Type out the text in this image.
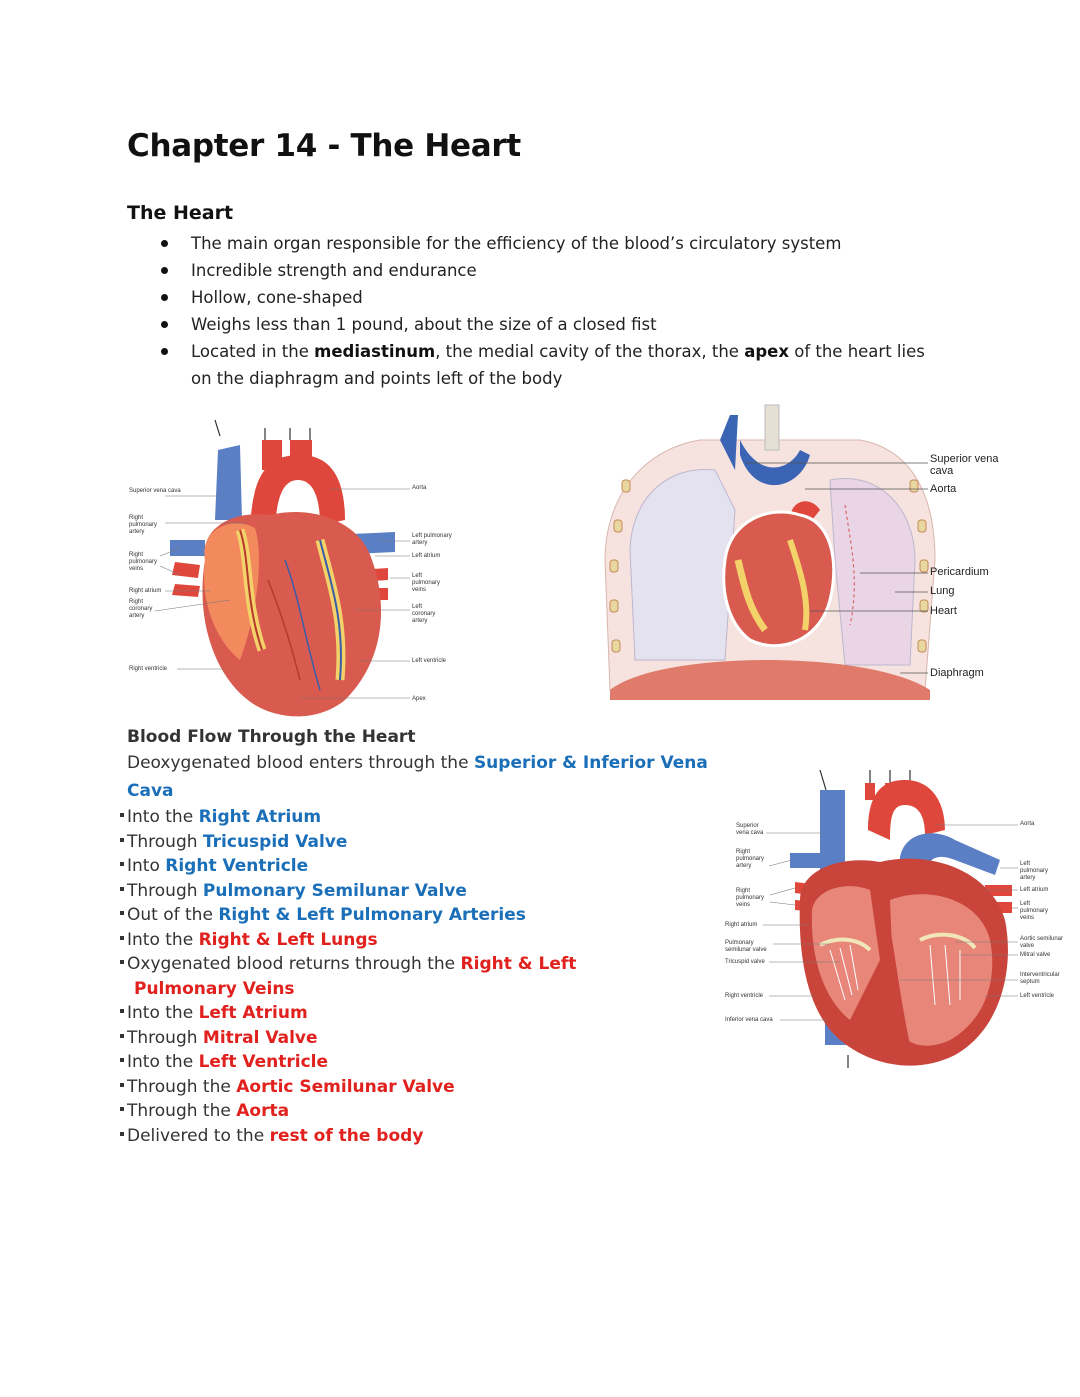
Chapter 14 - The Heart
The Heart
The main organ responsible for the efficiency of the blood’s circulatory system
Incredible strength and endurance
Hollow, cone-shaped
Weighs less than 1 pound, about the size of a closed fist
Located in the mediastinum, the medial cavity of the thorax, the apex of the heart lies on the diaphragm and points left of the body
Superior vena cava
Right pulmonary artery
Right pulmonary veins
Right atrium
Right coronary artery
Right ventricle
Aorta
Left pulmonary artery
Left atrium
Left pulmonary veins
Left coronary artery
Left ventricle
Apex
Superior vena cava
Aorta
Pericardium
Lung
Heart
Diaphragm
Blood Flow Through the Heart
Deoxygenated blood enters through the Superior & Inferior Vena Cava
Into the Right Atrium
Through Tricuspid Valve
Into Right Ventricle
Through Pulmonary Semilunar Valve
Out of the Right & Left Pulmonary Arteries
Into the Right & Left Lungs
Oxygenated blood returns through the Right & Left
Pulmonary Veins
Into the Left Atrium
Through Mitral Valve
Into the Left Ventricle
Through the Aortic Semilunar Valve
Through the Aorta
Delivered to the rest of the body
Superior vena cava
Right pulmonary artery
Right pulmonary veins
Right atrium
Pulmonary semilunar valve
Tricuspid valve
Right ventricle
Inferior vena cava
Aorta
Left pulmonary artery
Left atrium
Left pulmonary veins
Aortic semilunar valve
Mitral valve
Interventricular septum
Left ventricle
